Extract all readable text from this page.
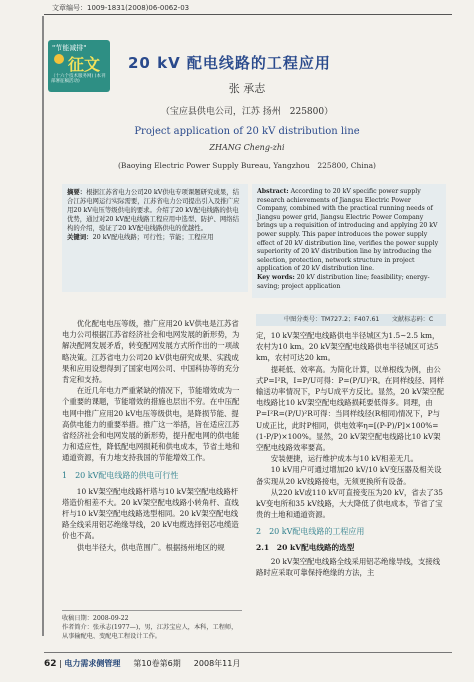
文章编号：1009-1831(2008)06-0062-03
"节能减排"
征文
（十六个技术服务网) (本刊部署征稿活动)
20 kV 配电线路的工程应用
张 承志
（宝应县供电公司，江苏 扬州　225800）
Project application of 20 kV distribution line
ZHANG Cheng-zhi
(Baoying Electric Power Supply Bureau, Yangzhou　225800, China)
摘要：根据江苏省电力公司20 kV供电专项课题研究成果，结合江苏电网运行实际需要，江苏省电力公司提出引入及推广应用20 kV电压等级供电的要求。介绍了20 kV配电线路的供电优势，通过对20 kV配电线路工程应用中选型、防护、网络结构的介绍，验证了20 kV配电线路供电的优越性。
关键词：20 kV配电线路；可行性；节能；工程应用
Abstract: According to 20 kV specific power supply research achievements of Jiangsu Electric Power Company, combined with the practical running needs of Jiangsu power grid, Jiangsu Electric Power Company brings up a requisition of introducing and applying 20 kV power supply. This paper introduces the power supply effect of 20 kV distribution line, verifies the power supply superiority of 20 kV distribution line by introducing the selection, protection, network structure in project application of 20 kV distribution line.
Key words: 20 kV distribution line; feasibility; energy-saving; project application
中图分类号：TM727.2；F407.61　　文献标志码：C

优化配电电压等级，推广应用20 kV供电是江苏省电力公司根据江苏省经济社会和电网发展的新形势，为解决配网发展矛盾，转变配网发展方式所作出的一项战略决策。江苏省电力公司20 kV供电研究成果、实践成果和应用设想得到了国家电网公司、中国科协等的充分肯定和支持。

在近几年电力严重紧缺的情况下，节能增效成为一个重要的课题，节能增效的措施也层出不穷。在中压配电网中推广应用20 kV电压等级供电，是降损节能、提高供电能力的重要举措。推广这一举措，旨在适应江苏省经济社会和电网发展的新形势，提升配电网的供电能力和适应性，降低配电网损耗和供电成本，节省土地和通道资源，有力地支持我国的节能增效工作。

1　20 kV配电线路的供电可行性

10 kV架空配电线路杆塔与10 kV架空配电线路杆塔造价相差不大。20 kV架空配电线路小转角杆、直线杆与10 kV架空配电线路选型相同。20 kV架空配电线路全线采用铝芯绝缘导线，20 kV电缆选择铝芯电缆造价也不高。

供电半径大，供电范围广。根据扬州地区的规

收稿日期：2008-09-22
作者简介：张承志(1977—)，男，江苏宝应人，本科，工程师，从事输配电、变配电工程设计工作。

定，10 kV架空配电线路供电半径城区为1.5~2.5 km，农村为10 km。20 kV架空配电线路供电半径城区可达5 km，农村可达20 km。

提耗低、效率高。为简化计算，以单根线为例，由公式P=I²R，I=P/U可得：P=(P/U)²R。在同样线径、同样输送功率情况下，P与U成平方反比。显然，20 kV架空配电线路比10 kV架空配电线路损耗要低得多。同理，由P=I²R=(P/U)²R可得：当同样线径(R相同)情况下，P与U成正比，此时P相同，供电效率η=[(P-P)/P]×100%=(1-P/P)×100%。显然，20 kV架空配电线路比10 kV架空配电线路效率要高。

安装便捷，运行维护成本与10 kV相差无几。

10 kV用户可通过增加20 kV/10 kV变压器及相关设备实现从20 kV线路接电，无须更换所有设备。

从220 kV或110 kV可直接变压为20 kV，省去了35 kV变电所和35 kV线路，大大降低了供电成本，节省了宝贵的土地和通道资源。

2　20 kV配电线路的工程应用
2.1　20 kV配电线路的选型

20 kV架空配电线路全线采用铝芯绝缘导线，支接线路时应采取可靠保持绝缘的方法，主

62 | 电力需求侧管理 　 第10卷第6期 　 2008年11月
